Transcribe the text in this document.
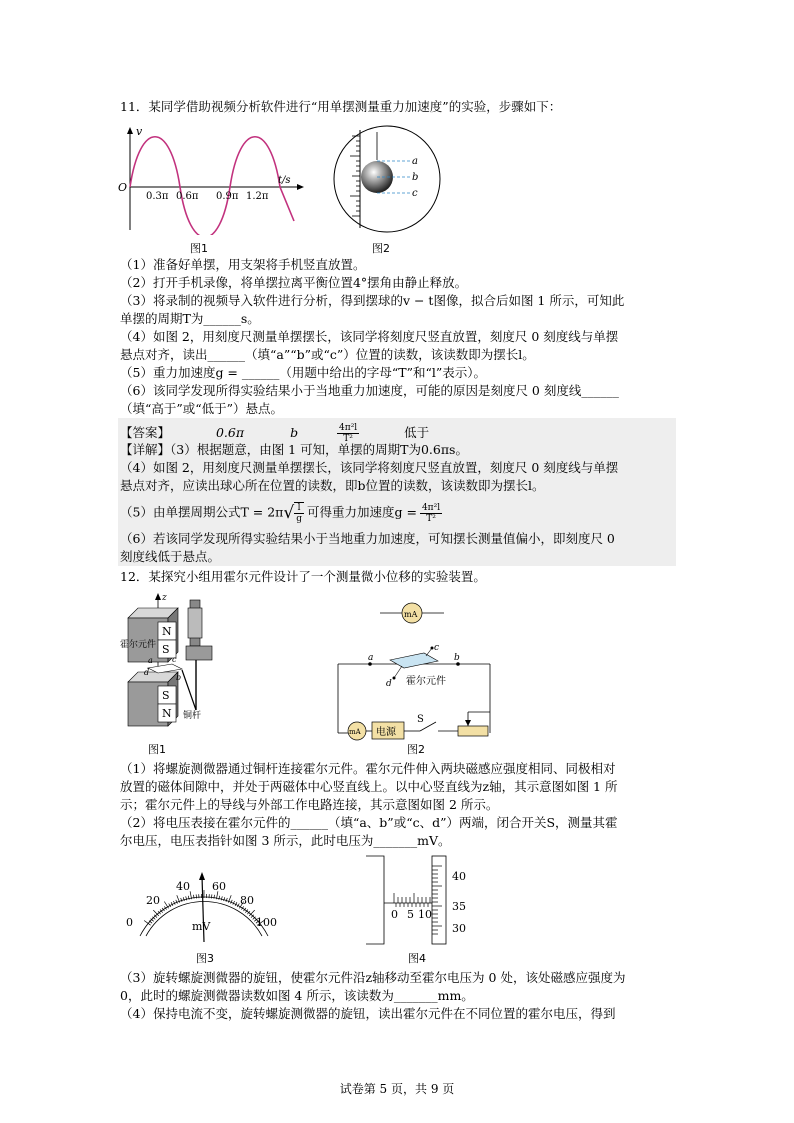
11．某同学借助视频分析软件进行“用单摆测量重力加速度”的实验，步骤如下：
v
t/s
O
0.3π 0.6π 0.9π 1.2π
图1
a
b
c
图2
（1）准备好单摆，用支架将手机竖直放置。
（2）打开手机录像，将单摆拉离平衡位置4°摆角由静止释放。
（3）将录制的视频导入软件进行分析，得到摆球的v − t图像，拟合后如图 1 所示，可知此
单摆的周期T为______s。
（4）如图 2，用刻度尺测量单摆摆长，该同学将刻度尺竖直放置，刻度尺 0 刻度线与单摆
悬点对齐，读出______（填“a”“b”或“c”）位置的读数，该读数即为摆长l。
（5）重力加速度g = ______（用题中给出的字母“T”和“l”表示）。
（6）该同学发现所得实验结果小于当地重力加速度，可能的原因是刻度尺 0 刻度线______
（填“高于”或“低于”）悬点。
【答案】	0.6π	b	$\frac{\text{4π²l}}{\text{T²}}$	低于
【详解】（3）根据题意，由图 1 可知，单摆的周期T为0.6πs。
（4）如图 2，用刻度尺测量单摆摆长，该同学将刻度尺竖直放置，刻度尺 0 刻度线与单摆
悬点对齐，应读出球心所在位置的读数，即b位置的读数，该读数即为摆长l。
（5）由单摆周期公式$T = 2\pi√ \frac{l}{g}$ 可得重力加速度$g = \frac{\text{4π²l}}{\text{T²}}$
（6）若该同学发现所得实验结果小于当地重力加速度，可知摆长测量值偏小，即刻度尺 0
刻度线低于悬点。
12．某探究小组用霍尔元件设计了一个测量微小位移的实验装置。
z
N
S
S
N
霍尔元件
铜杆
a c
d
b
图1
mA
a	b
c
d 霍尔元件
mA 电源
S
图2
（1）将螺旋测微器通过铜杆连接霍尔元件。霍尔元件伸入两块磁感应强度相同、同极相对
放置的磁体间隙中，并处于两磁体中心竖直线上。以中心竖直线为z轴，其示意图如图 1 所
示；霍尔元件上的导线与外部工作电路连接，其示意图如图 2 所示。
（2）将电压表接在霍尔元件的______（填“a、b”或“c、d”）两端，闭合开关S，测量其霍
尔电压，电压表指针如图 3 所示，此时电压为_______mV。
0
20
40 60
80
100
mV
图3
0 5 10
40
35
30
图4
（3）旋转螺旋测微器的旋钮，使霍尔元件沿z轴移动至霍尔电压为 0 处，该处磁感应强度为
0，此时的螺旋测微器读数如图 4 所示，该读数为_______mm。
（4）保持电流不变，旋转螺旋测微器的旋钮，读出霍尔元件在不同位置的霍尔电压，得到
试卷第 5 页，共 9 页
